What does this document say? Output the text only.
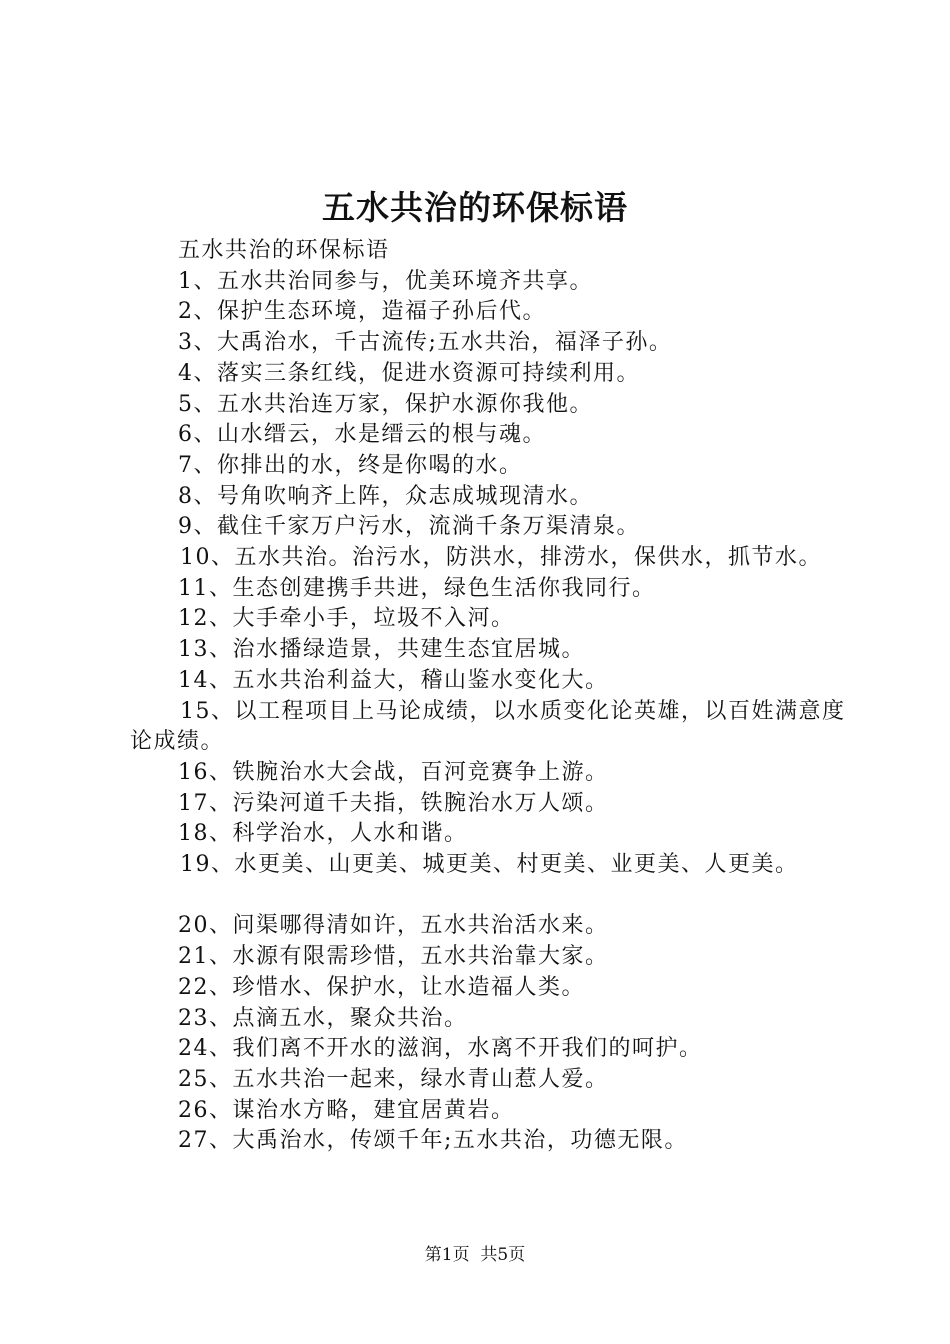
五水共治的环保标语

五水共治的环保标语

1、五水共治同参与，优美环境齐共享。

2、保护生态环境，造福子孙后代。

3、大禹治水，千古流传;五水共治，福泽子孙。

4、落实三条红线，促进水资源可持续利用。

5、五水共治连万家，保护水源你我他。

6、山水缙云，水是缙云的根与魂。

7、你排出的水，终是你喝的水。

8、号角吹响齐上阵，众志成城现清水。

9、截住千家万户污水，流淌千条万渠清泉。

10、五水共治。治污水，防洪水，排涝水，保供水，抓节水。

11、生态创建携手共进，绿色生活你我同行。

12、大手牵小手，垃圾不入河。

13、治水播绿造景，共建生态宜居城。

14、五水共治利益大，稽山鉴水变化大。

15、以工程项目上马论成绩，以水质变化论英雄，以百姓满意度论成绩。

16、铁腕治水大会战，百河竞赛争上游。

17、污染河道千夫指，铁腕治水万人颂。

18、科学治水，人水和谐。

19、水更美、山更美、城更美、村更美、业更美、人更美。

20、问渠哪得清如许，五水共治活水来。

21、水源有限需珍惜，五水共治靠大家。

22、珍惜水、保护水，让水造福人类。

23、点滴五水，聚众共治。

24、我们离不开水的滋润，水离不开我们的呵护。

25、五水共治一起来，绿水青山惹人爱。

26、谋治水方略，建宜居黄岩。

27、大禹治水，传颂千年;五水共治，功德无限。

第1页 共5页
